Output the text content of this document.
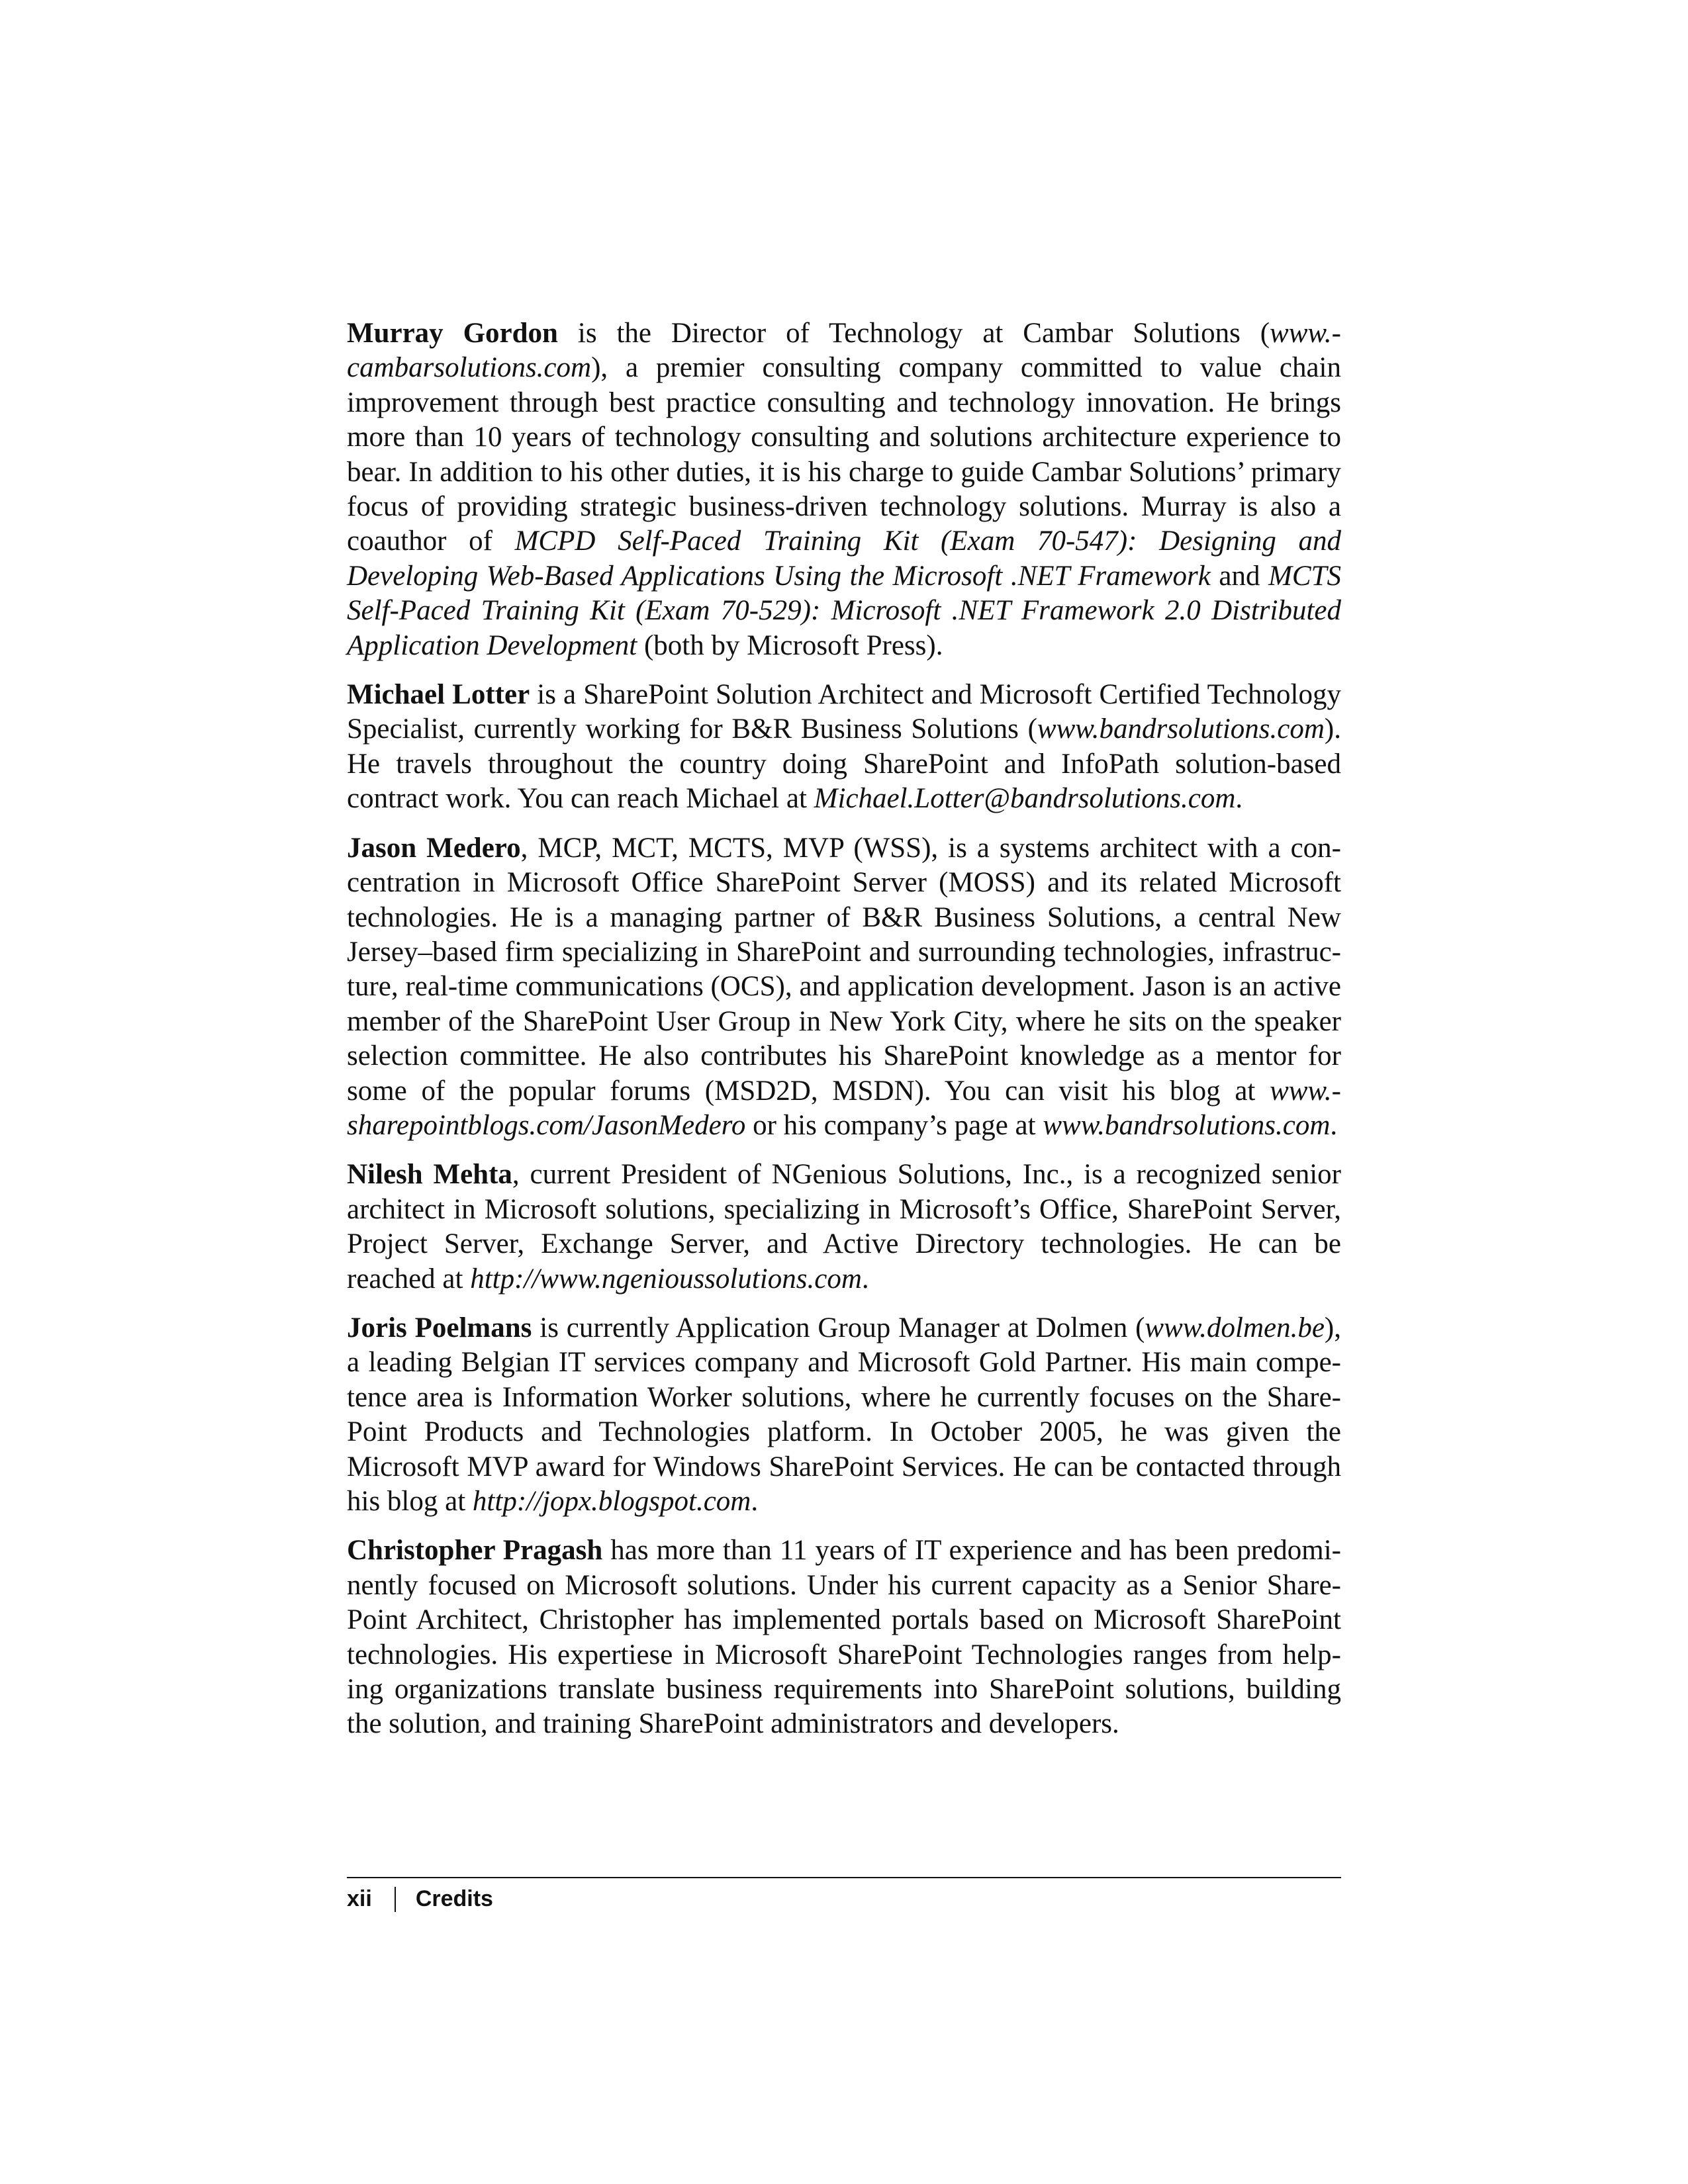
Murray Gordon is the Director of Technology at Cambar Solutions (www.cambarsolutions.com), a premier consulting company committed to value chain improvement through best practice consulting and technology innovation. He brings more than 10 years of technology consulting and solutions architecture experience to bear. In addition to his other duties, it is his charge to guide Cambar Solutions’ primary focus of providing strategic business-driven technology solutions. Murray is also a coauthor of MCPD Self-Paced Training Kit (Exam 70-547): Designing and Developing Web-Based Applications Using the Microsoft .NET Framework and MCTS Self-Paced Training Kit (Exam 70-529): Microsoft .NET Framework 2.0 Distributed Application Development (both by Microsoft Press).

Michael Lotter is a SharePoint Solution Architect and Microsoft Certified Technology Specialist, currently working for B&R Business Solutions (www.bandrsolutions.com). He travels throughout the country doing SharePoint and InfoPath solution-based contract work. You can reach Michael at Michael.Lotter@bandrsolutions.com.

Jason Medero, MCP, MCT, MCTS, MVP (WSS), is a systems architect with a concentration in Microsoft Office SharePoint Server (MOSS) and its related Microsoft technologies. He is a managing partner of B&R Business Solutions, a central New Jersey–based firm specializing in SharePoint and surrounding technologies, infrastructure, real-time communications (OCS), and application development. Jason is an active member of the SharePoint User Group in New York City, where he sits on the speaker selection committee. He also contributes his SharePoint knowledge as a mentor for some of the popular forums (MSD2D, MSDN). You can visit his blog at www.sharepointblogs.com/JasonMedero or his company’s page at www.bandrsolutions.com.

Nilesh Mehta, current President of NGenious Solutions, Inc., is a recognized senior architect in Microsoft solutions, specializing in Microsoft’s Office, SharePoint Server, Project Server, Exchange Server, and Active Directory technologies. He can be reached at http://www.ngenioussolutions.com.

Joris Poelmans is currently Application Group Manager at Dolmen (www.dolmen.be), a leading Belgian IT services company and Microsoft Gold Partner. His main competence area is Information Worker solutions, where he currently focuses on the SharePoint Products and Technologies platform. In October 2005, he was given the Microsoft MVP award for Windows SharePoint Services. He can be contacted through his blog at http://jopx.blogspot.com.

Christopher Pragash has more than 11 years of IT experience and has been predominently focused on Microsoft solutions. Under his current capacity as a Senior SharePoint Architect, Christopher has implemented portals based on Microsoft SharePoint technologies. His expertiese in Microsoft SharePoint Technologies ranges from helping organizations translate business requirements into SharePoint solutions, building the solution, and training SharePoint administrators and developers.

xii Credits
